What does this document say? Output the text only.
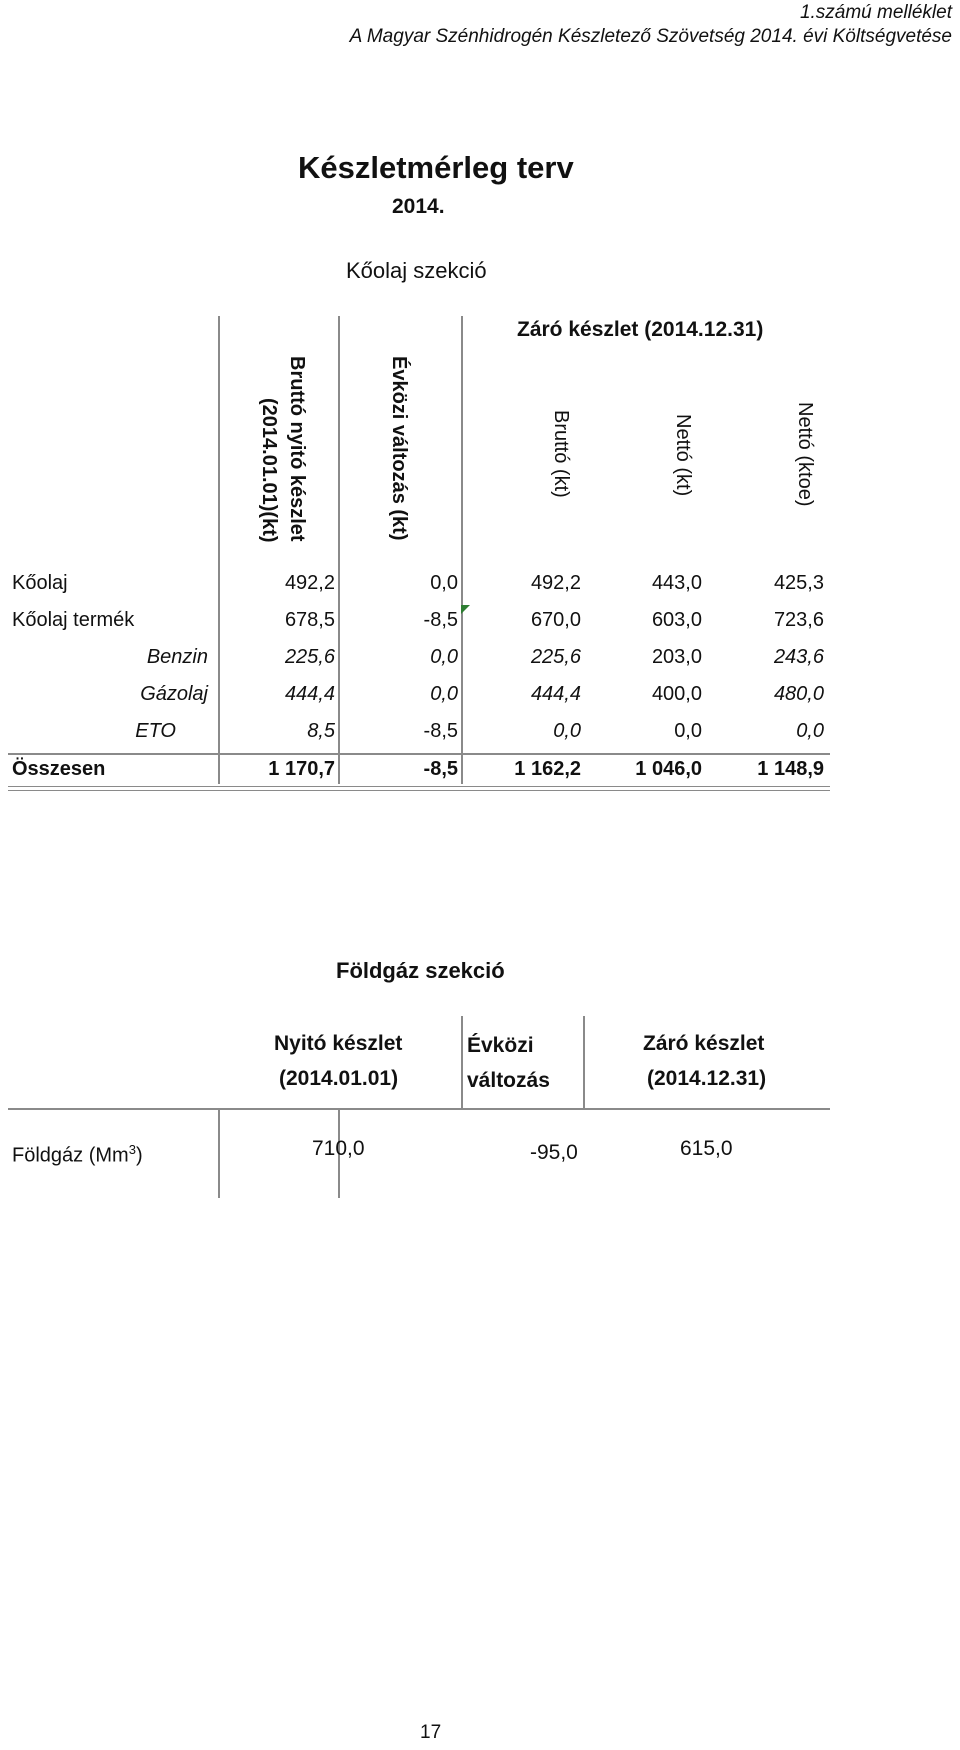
1.számú melléklet
A Magyar Szénhidrogén Készletező Szövetség 2014. évi Költségvetése
Készletmérleg terv
2014.
Kőolaj szekció
Záró készlet (2014.12.31)
Bruttó nyitó készlet
(2014.01.01)(kt)	Évközi változás (kt)	Bruttó (kt)	Nettó (kt)	Nettó (ktoe)
Kőolaj	492,2	0,0	492,2	443,0	425,3
Kőolaj termék	678,5	-8,5	670,0	603,0	723,6
Benzin	225,6	0,0	225,6	203,0	243,6
Gázolaj	444,4	0,0	444,4	400,0	480,0
ETO	8,5	-8,5	0,0	0,0	0,0
Összesen	1 170,7	-8,5	1 162,2	1 046,0	1 148,9
Földgáz szekció
Nyitó készlet
(2014.01.01)
Évközi
változás
Záró készlet
(2014.12.31)
Földgáz (Mm$^3$)	710,0	-95,0	615,0
17
